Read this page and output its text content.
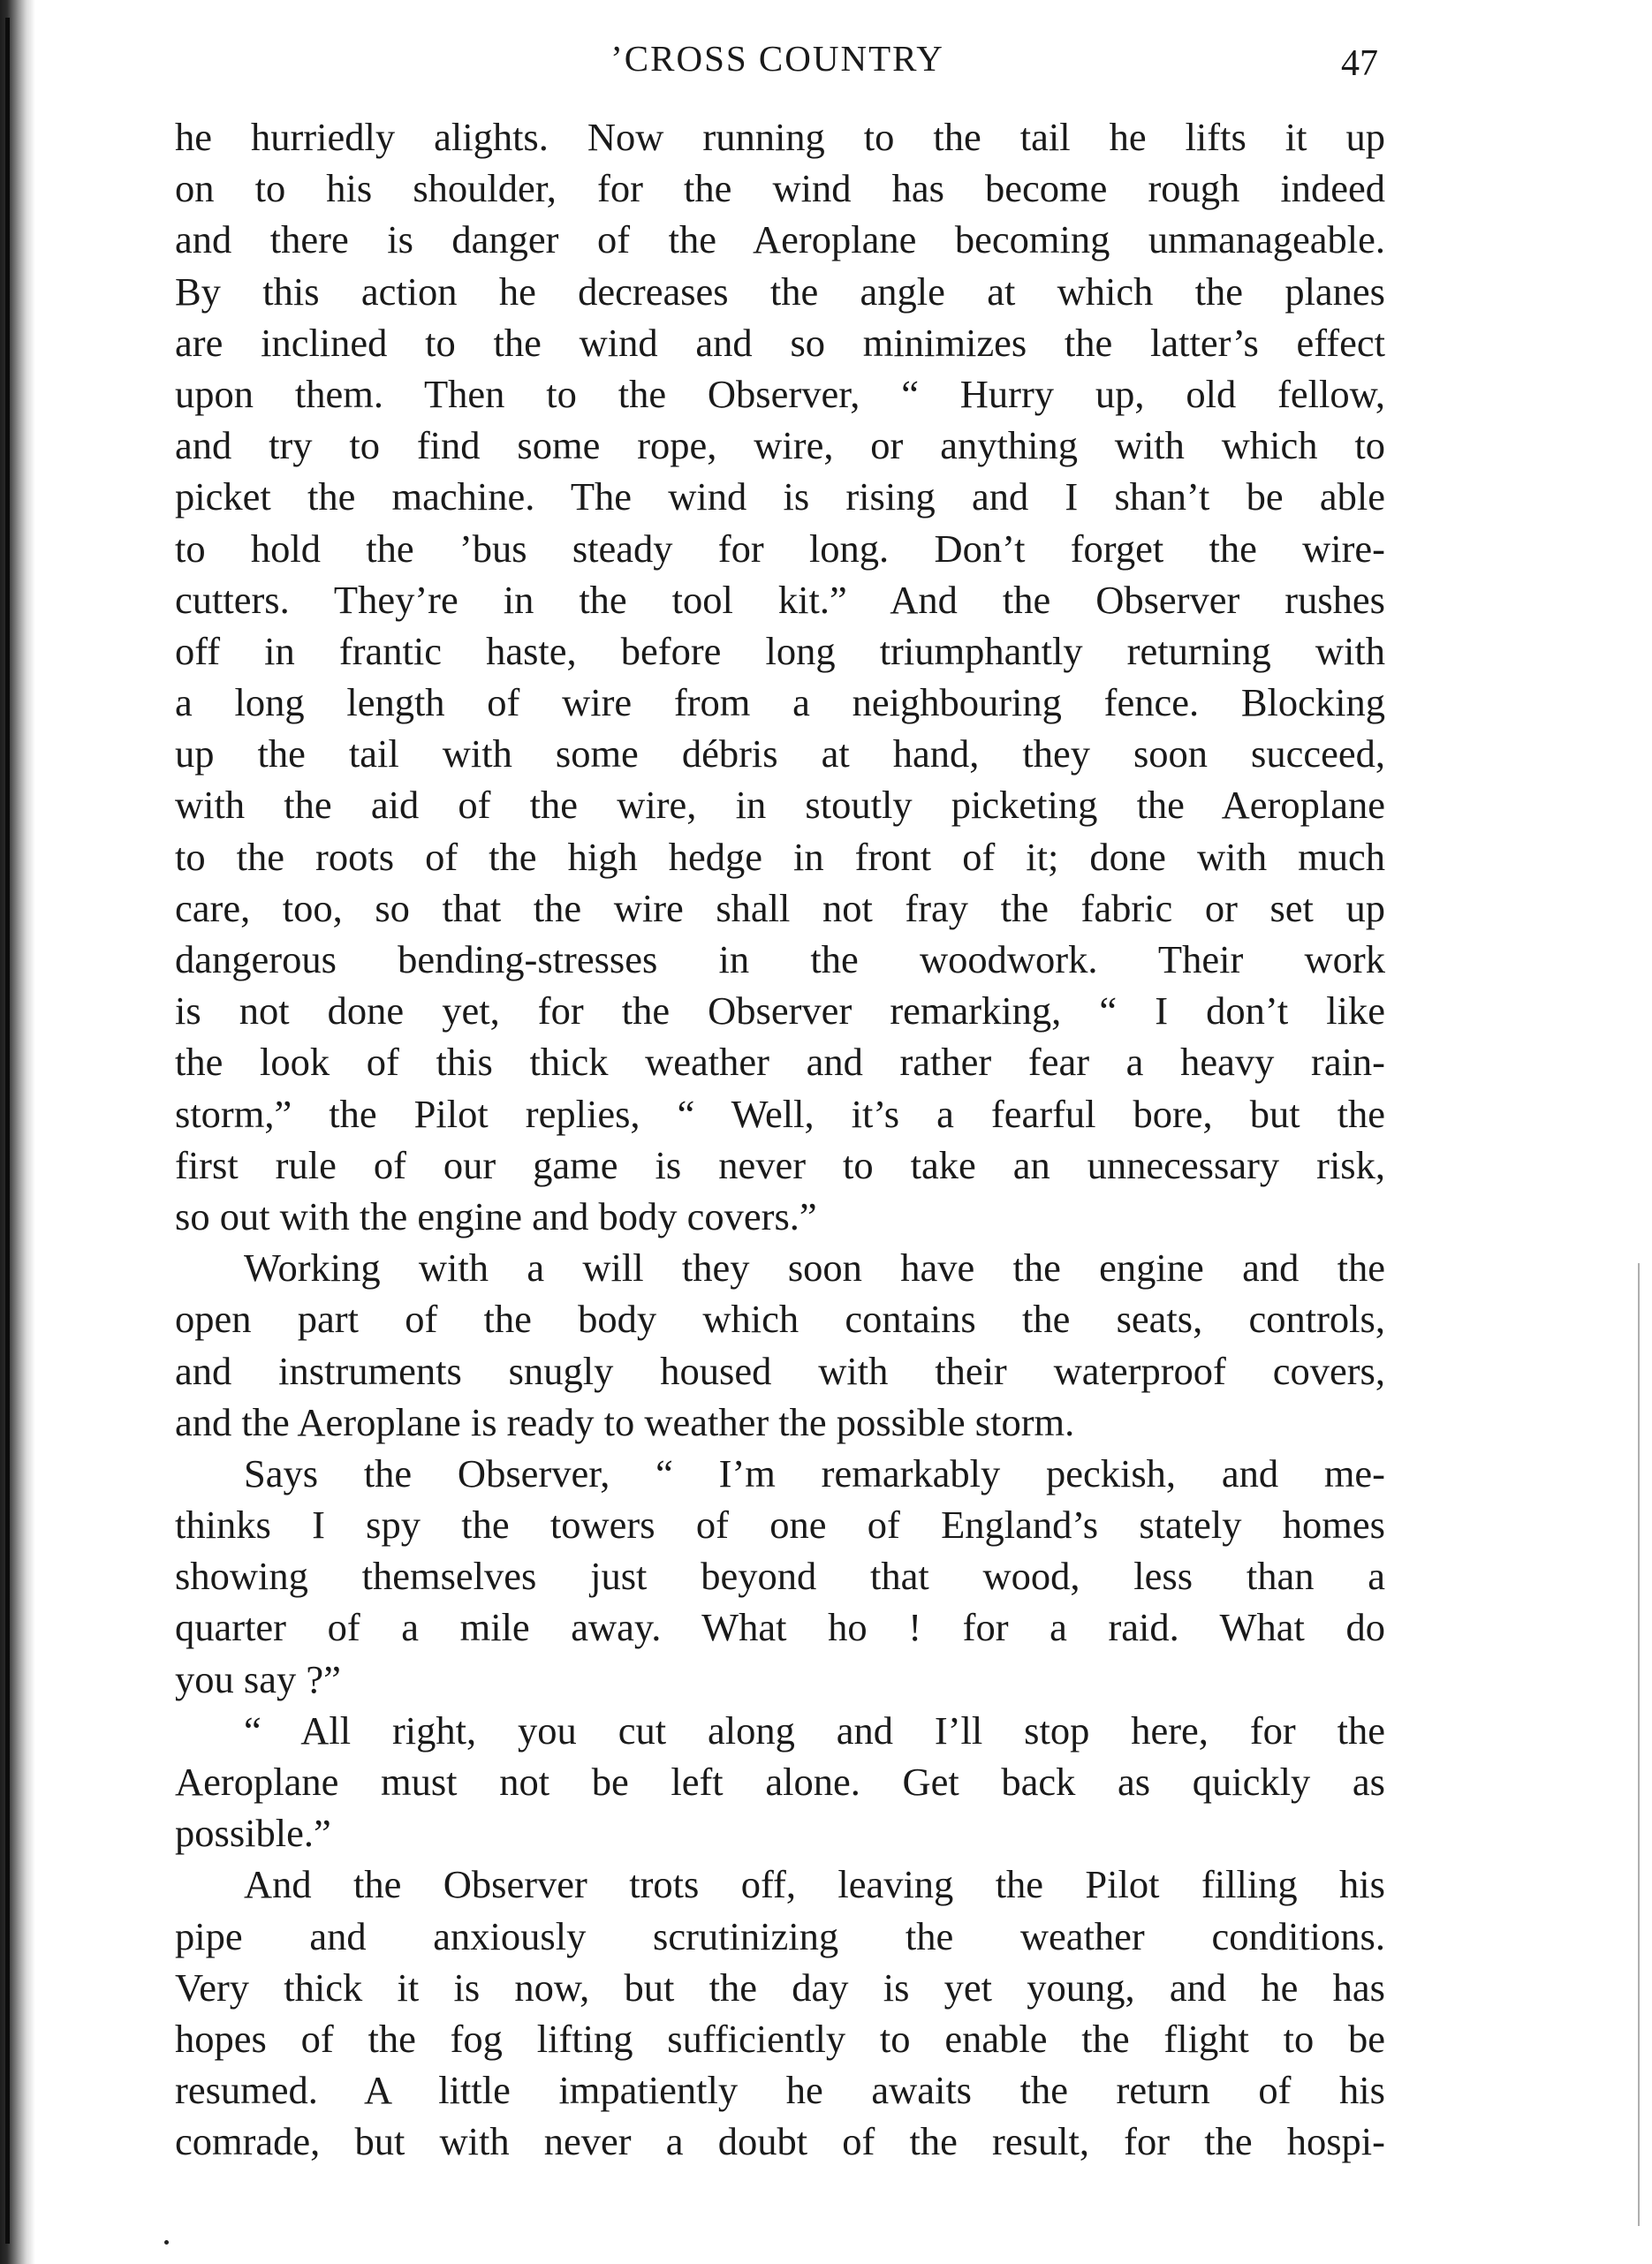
’CROSS COUNTRY	47
he hurriedly alights. Now running to the tail he lifts it up
on to his shoulder, for the wind has become rough indeed
and there is danger of the Aeroplane becoming unmanageable.
By this action he decreases the angle at which the planes
are inclined to the wind and so minimizes the latter’s effect
upon them. Then to the Observer, “ Hurry up, old fellow,
and try to find some rope, wire, or anything with which to
picket the machine. The wind is rising and I shan’t be able
to hold the ’bus steady for long. Don’t forget the wire-
cutters. They’re in the tool kit.” And the Observer rushes
off in frantic haste, before long triumphantly returning with
a long length of wire from a neighbouring fence. Blocking
up the tail with some débris at hand, they soon succeed,
with the aid of the wire, in stoutly picketing the Aeroplane
to the roots of the high hedge in front of it; done with much
care, too, so that the wire shall not fray the fabric or set up
dangerous bending-stresses in the woodwork. Their work
is not done yet, for the Observer remarking, “ I don’t like
the look of this thick weather and rather fear a heavy rain-
storm,” the Pilot replies, “ Well, it’s a fearful bore, but the
first rule of our game is never to take an unnecessary risk,
so out with the engine and body covers.”
Working with a will they soon have the engine and the
open part of the body which contains the seats, controls,
and instruments snugly housed with their waterproof covers,
and the Aeroplane is ready to weather the possible storm.
Says the Observer, “ I’m remarkably peckish, and me-
thinks I spy the towers of one of England’s stately homes
showing themselves just beyond that wood, less than a
quarter of a mile away. What ho ! for a raid. What do
you say ?”
“ All right, you cut along and I’ll stop here, for the
Aeroplane must not be left alone. Get back as quickly as
possible.”
And the Observer trots off, leaving the Pilot filling his
pipe and anxiously scrutinizing the weather conditions.
Very thick it is now, but the day is yet young, and he has
hopes of the fog lifting sufficiently to enable the flight to be
resumed. A little impatiently he awaits the return of his
comrade, but with never a doubt of the result, for the hospi-
